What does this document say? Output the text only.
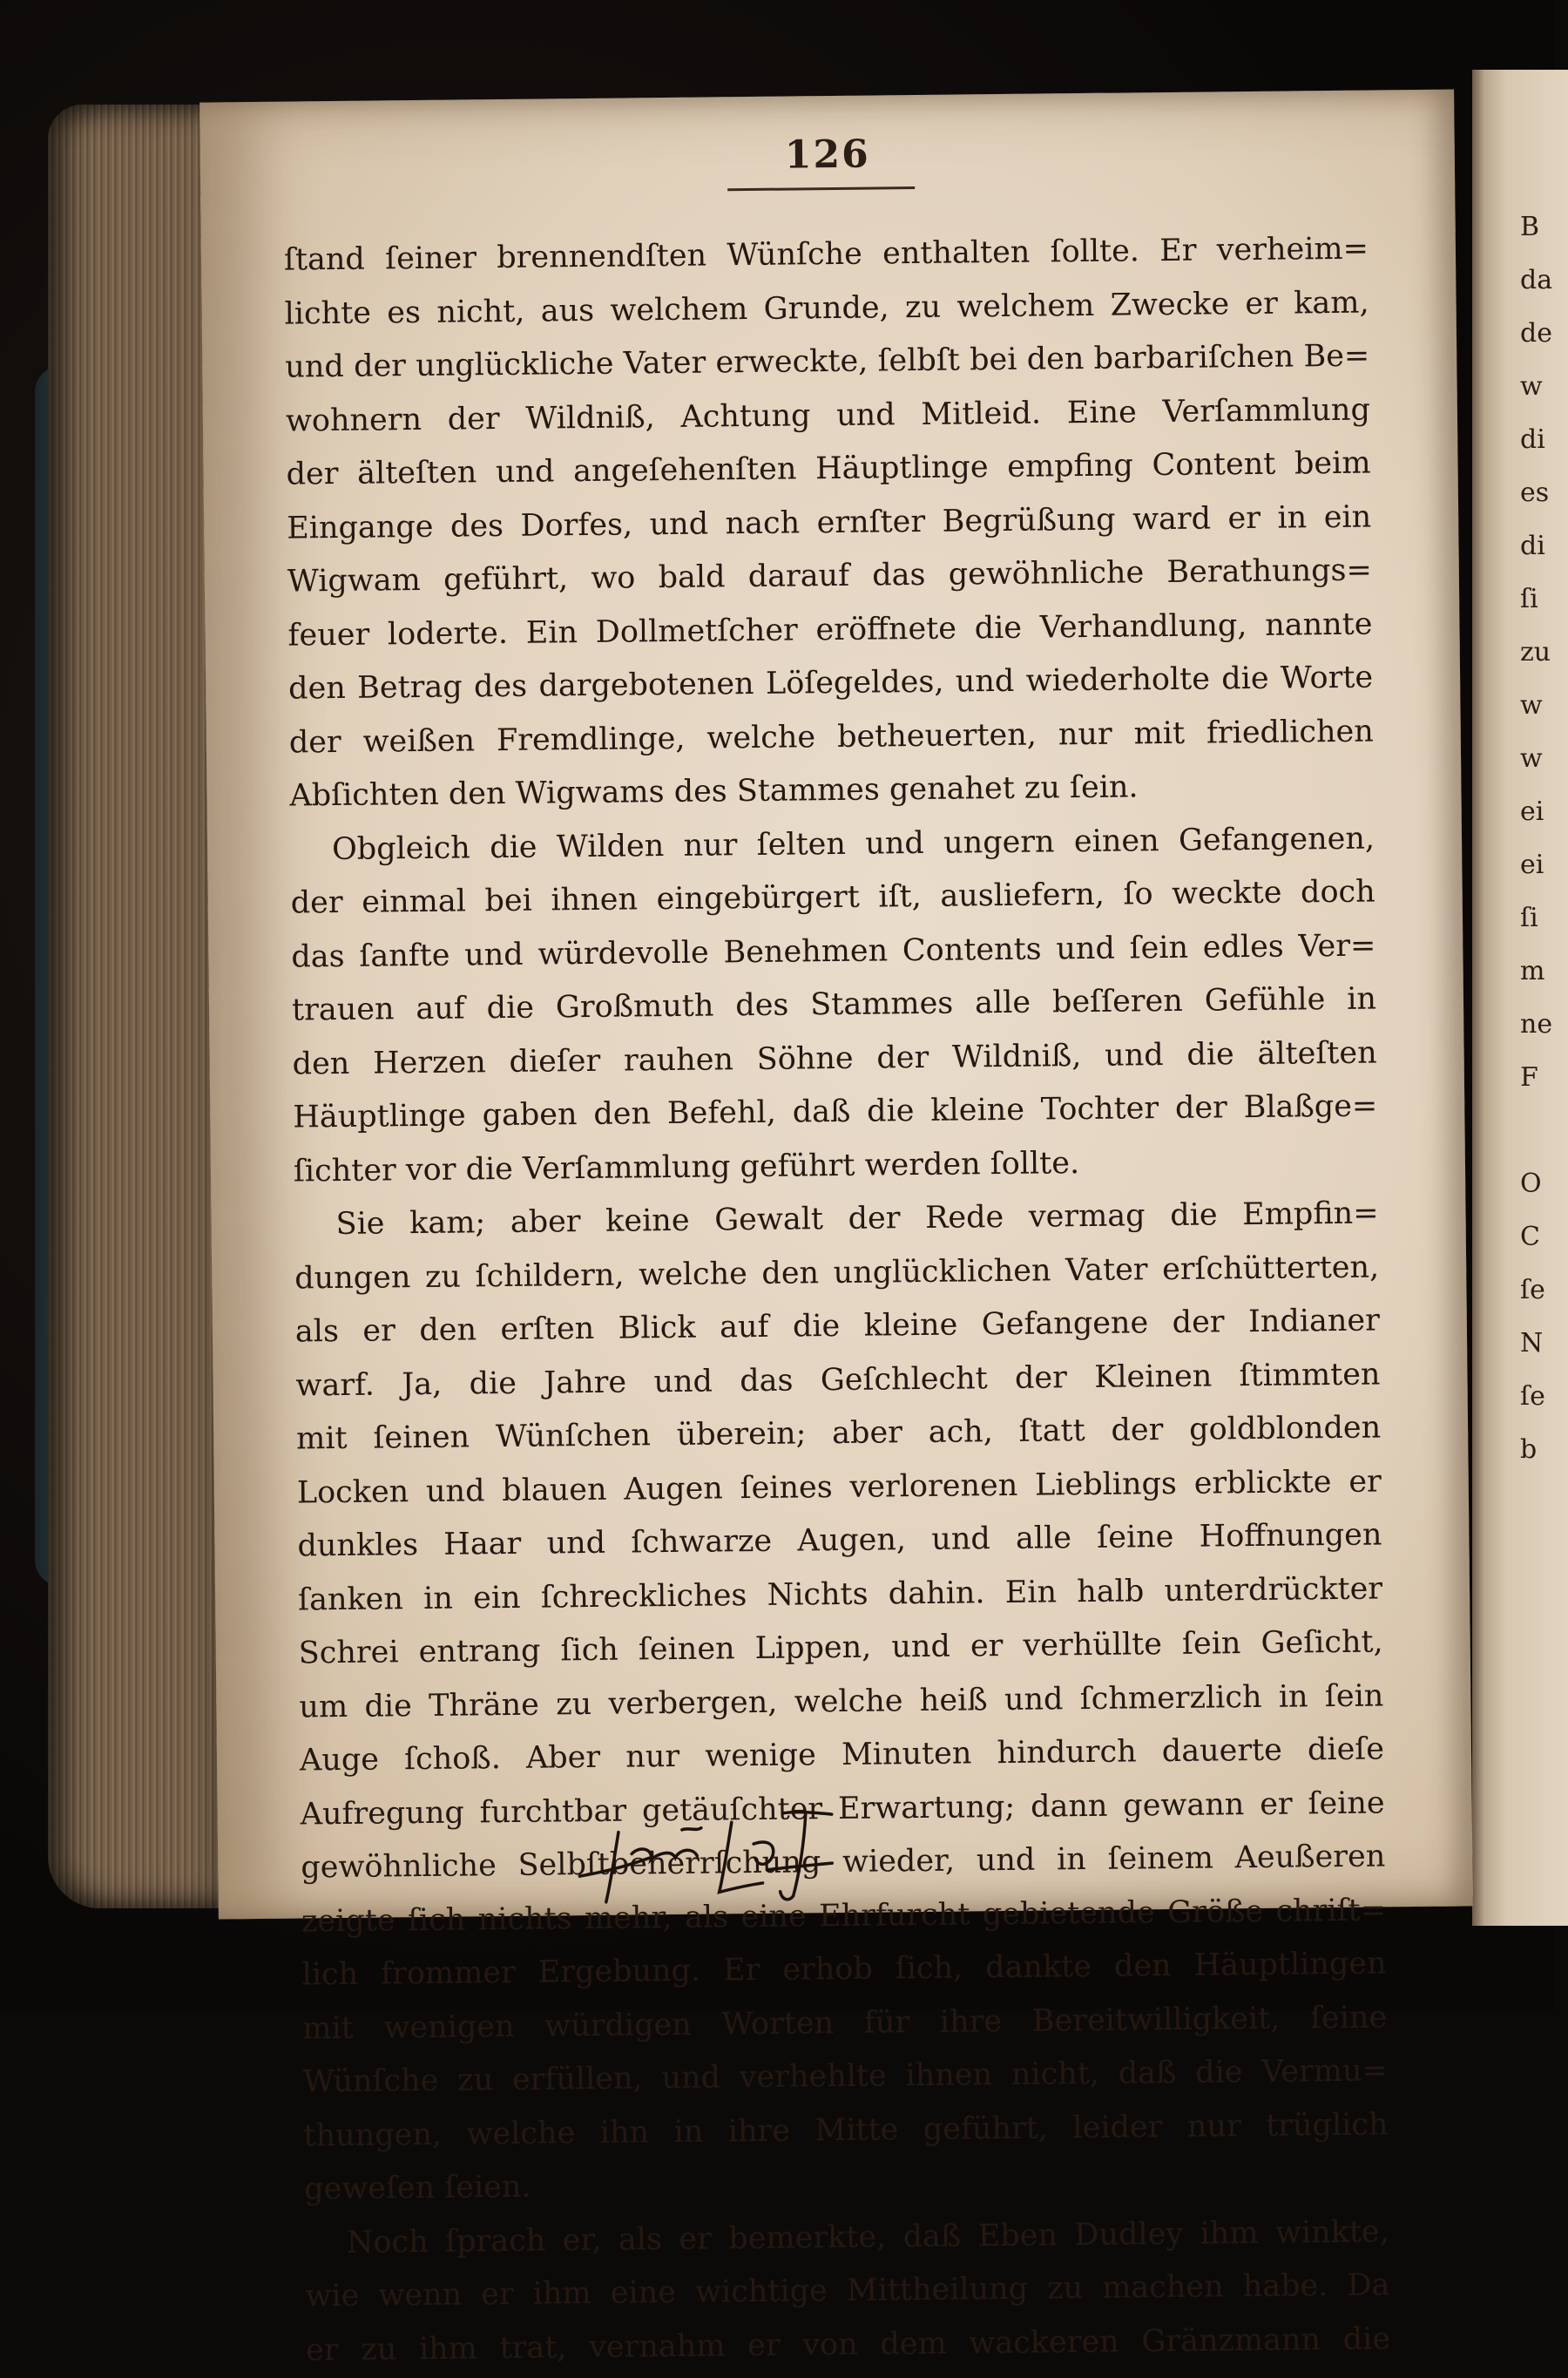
B
da
de
w
di
es
di
ſi
zu
w
w
ei
ei
ſi
m
ne
F

O
C
ſe
N
ſe
b
126
ſtand ſeiner brennendſten Wünſche enthalten ſollte. Er verheim=
lichte es nicht, aus welchem Grunde, zu welchem Zwecke er kam,
und der unglückliche Vater erweckte, ſelbſt bei den barbariſchen Be=
wohnern der Wildniß, Achtung und Mitleid. Eine Verſammlung
der älteſten und angeſehenſten Häuptlinge empfing Content beim
Eingange des Dorfes, und nach ernſter Begrüßung ward er in ein
Wigwam geführt, wo bald darauf das gewöhnliche Berathungs=
feuer loderte. Ein Dollmetſcher eröffnete die Verhandlung, nannte
den Betrag des dargebotenen Löſegeldes, und wiederholte die Worte
der weißen Fremdlinge, welche betheuerten, nur mit friedlichen
Abſichten den Wigwams des Stammes genahet zu ſein.
Obgleich die Wilden nur ſelten und ungern einen Gefangenen,
der einmal bei ihnen eingebürgert iſt, ausliefern, ſo weckte doch
das ſanfte und würdevolle Benehmen Contents und ſein edles Ver=
trauen auf die Großmuth des Stammes alle beſſeren Gefühle in
den Herzen dieſer rauhen Söhne der Wildniß, und die älteſten
Häuptlinge gaben den Befehl, daß die kleine Tochter der Blaßge=
ſichter vor die Verſammlung geführt werden ſollte.
Sie kam; aber keine Gewalt der Rede vermag die Empfin=
dungen zu ſchildern, welche den unglücklichen Vater erſchütterten,
als er den erſten Blick auf die kleine Gefangene der Indianer
warf. Ja, die Jahre und das Geſchlecht der Kleinen ſtimmten
mit ſeinen Wünſchen überein; aber ach, ſtatt der goldblonden
Locken und blauen Augen ſeines verlorenen Lieblings erblickte er
dunkles Haar und ſchwarze Augen, und alle ſeine Hoffnungen
ſanken in ein ſchreckliches Nichts dahin. Ein halb unterdrückter
Schrei entrang ſich ſeinen Lippen, und er verhüllte ſein Geſicht,
um die Thräne zu verbergen, welche heiß und ſchmerzlich in ſein
Auge ſchoß. Aber nur wenige Minuten hindurch dauerte dieſe
Aufregung furchtbar getäuſchter Erwartung; dann gewann er ſeine
gewöhnliche Selbſtbeherrſchung wieder, und in ſeinem Aeußeren
zeigte ſich nichts mehr, als eine Ehrfurcht gebietende Größe chriſt=
lich frommer Ergebung. Er erhob ſich, dankte den Häuptlingen
mit wenigen würdigen Worten für ihre Bereitwilligkeit, ſeine
Wünſche zu erfüllen, und verhehlte ihnen nicht, daß die Vermu=
thungen, welche ihn in ihre Mitte geführt, leider nur trüglich
geweſen ſeien.
Noch ſprach er, als er bemerkte, daß Eben Dudley ihm winkte,
wie wenn er ihm eine wichtige Mittheilung zu machen habe. Da
er zu ihm trat, vernahm er von dem wackeren Gränzmann die
